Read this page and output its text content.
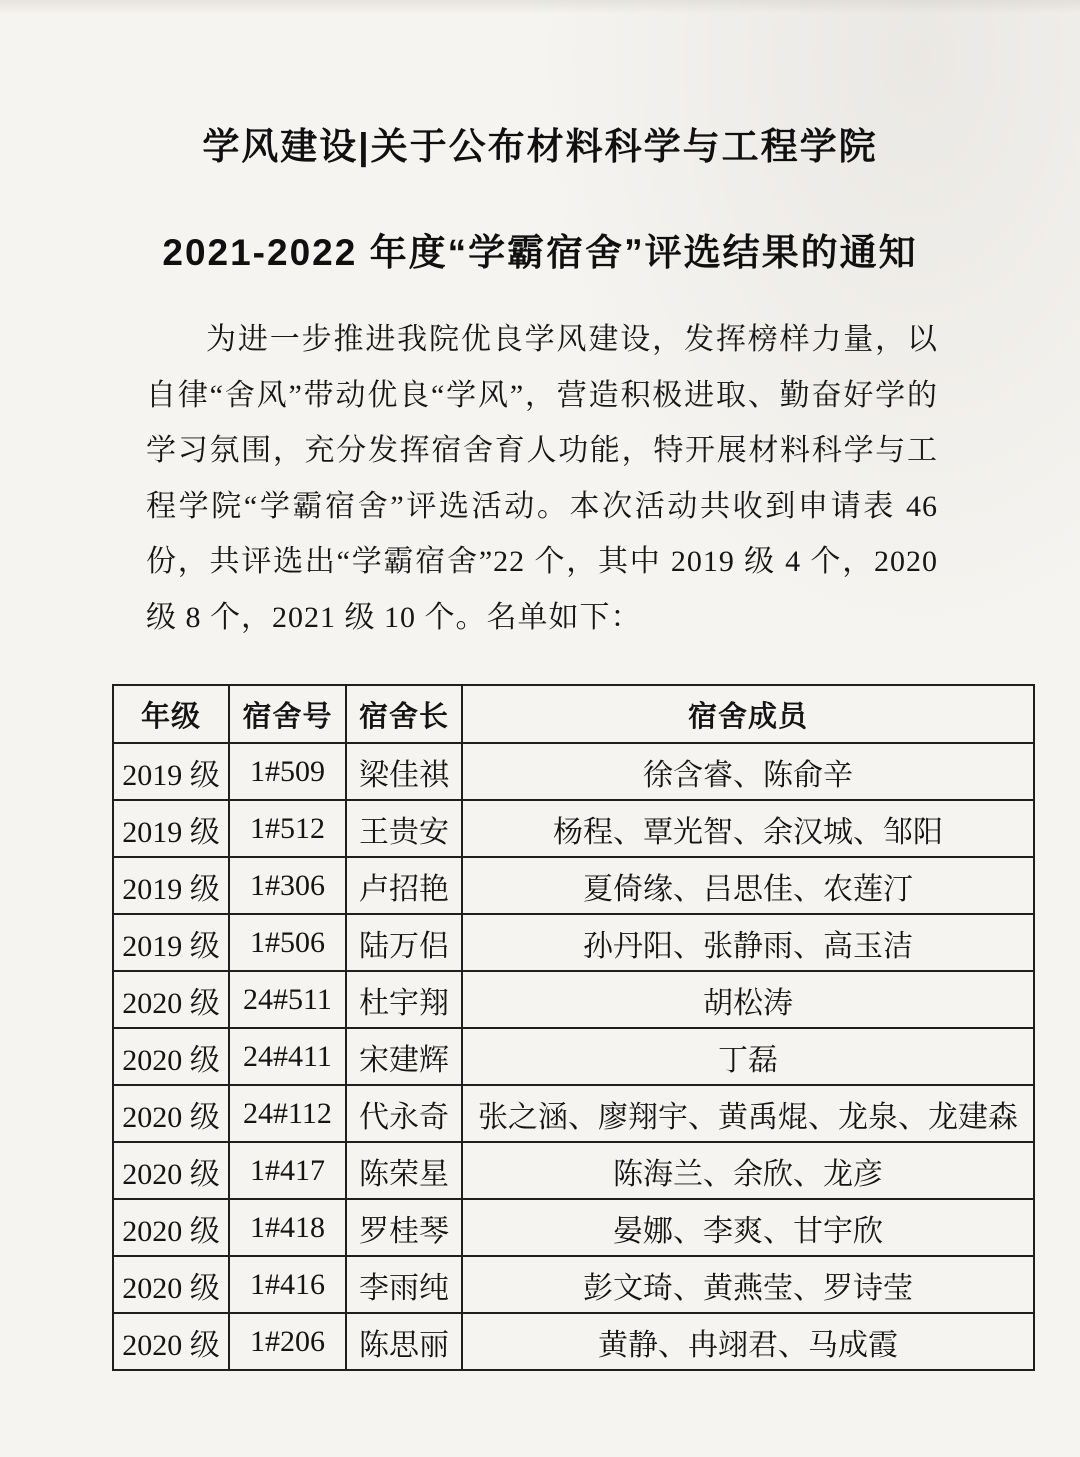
学风建设|关于公布材料科学与工程学院
2021-2022 年度“学霸宿舍”评选结果的通知

为进一步推进我院优良学风建设，发挥榜样力量，以自律“舍风”带动优良“学风”，营造积极进取、勤奋好学的学习氛围，充分发挥宿舍育人功能，特开展材料科学与工程学院“学霸宿舍”评选活动。本次活动共收到申请表 46 份，共评选出“学霸宿舍”22 个，其中 2019 级 4 个，2020 级 8 个，2021 级 10 个。名单如下：

年级	宿舍号	宿舍长	宿舍成员
2019 级	1#509	梁佳祺	徐含睿、陈俞辛
2019 级	1#512	王贵安	杨程、覃光智、余汉城、邹阳
2019 级	1#306	卢招艳	夏倚缘、吕思佳、农莲汀
2019 级	1#506	陆万侣	孙丹阳、张静雨、高玉洁
2020 级	24#511	杜宇翔	胡松涛
2020 级	24#411	宋建辉	丁磊
2020 级	24#112	代永奇	张之涵、廖翔宇、黄禹焜、龙泉、龙建森
2020 级	1#417	陈荣星	陈海兰、余欣、龙彦
2020 级	1#418	罗桂琴	晏娜、李爽、甘宇欣
2020 级	1#416	李雨纯	彭文琦、黄燕莹、罗诗莹
2020 级	1#206	陈思丽	黄静、冉翊君、马成霞
